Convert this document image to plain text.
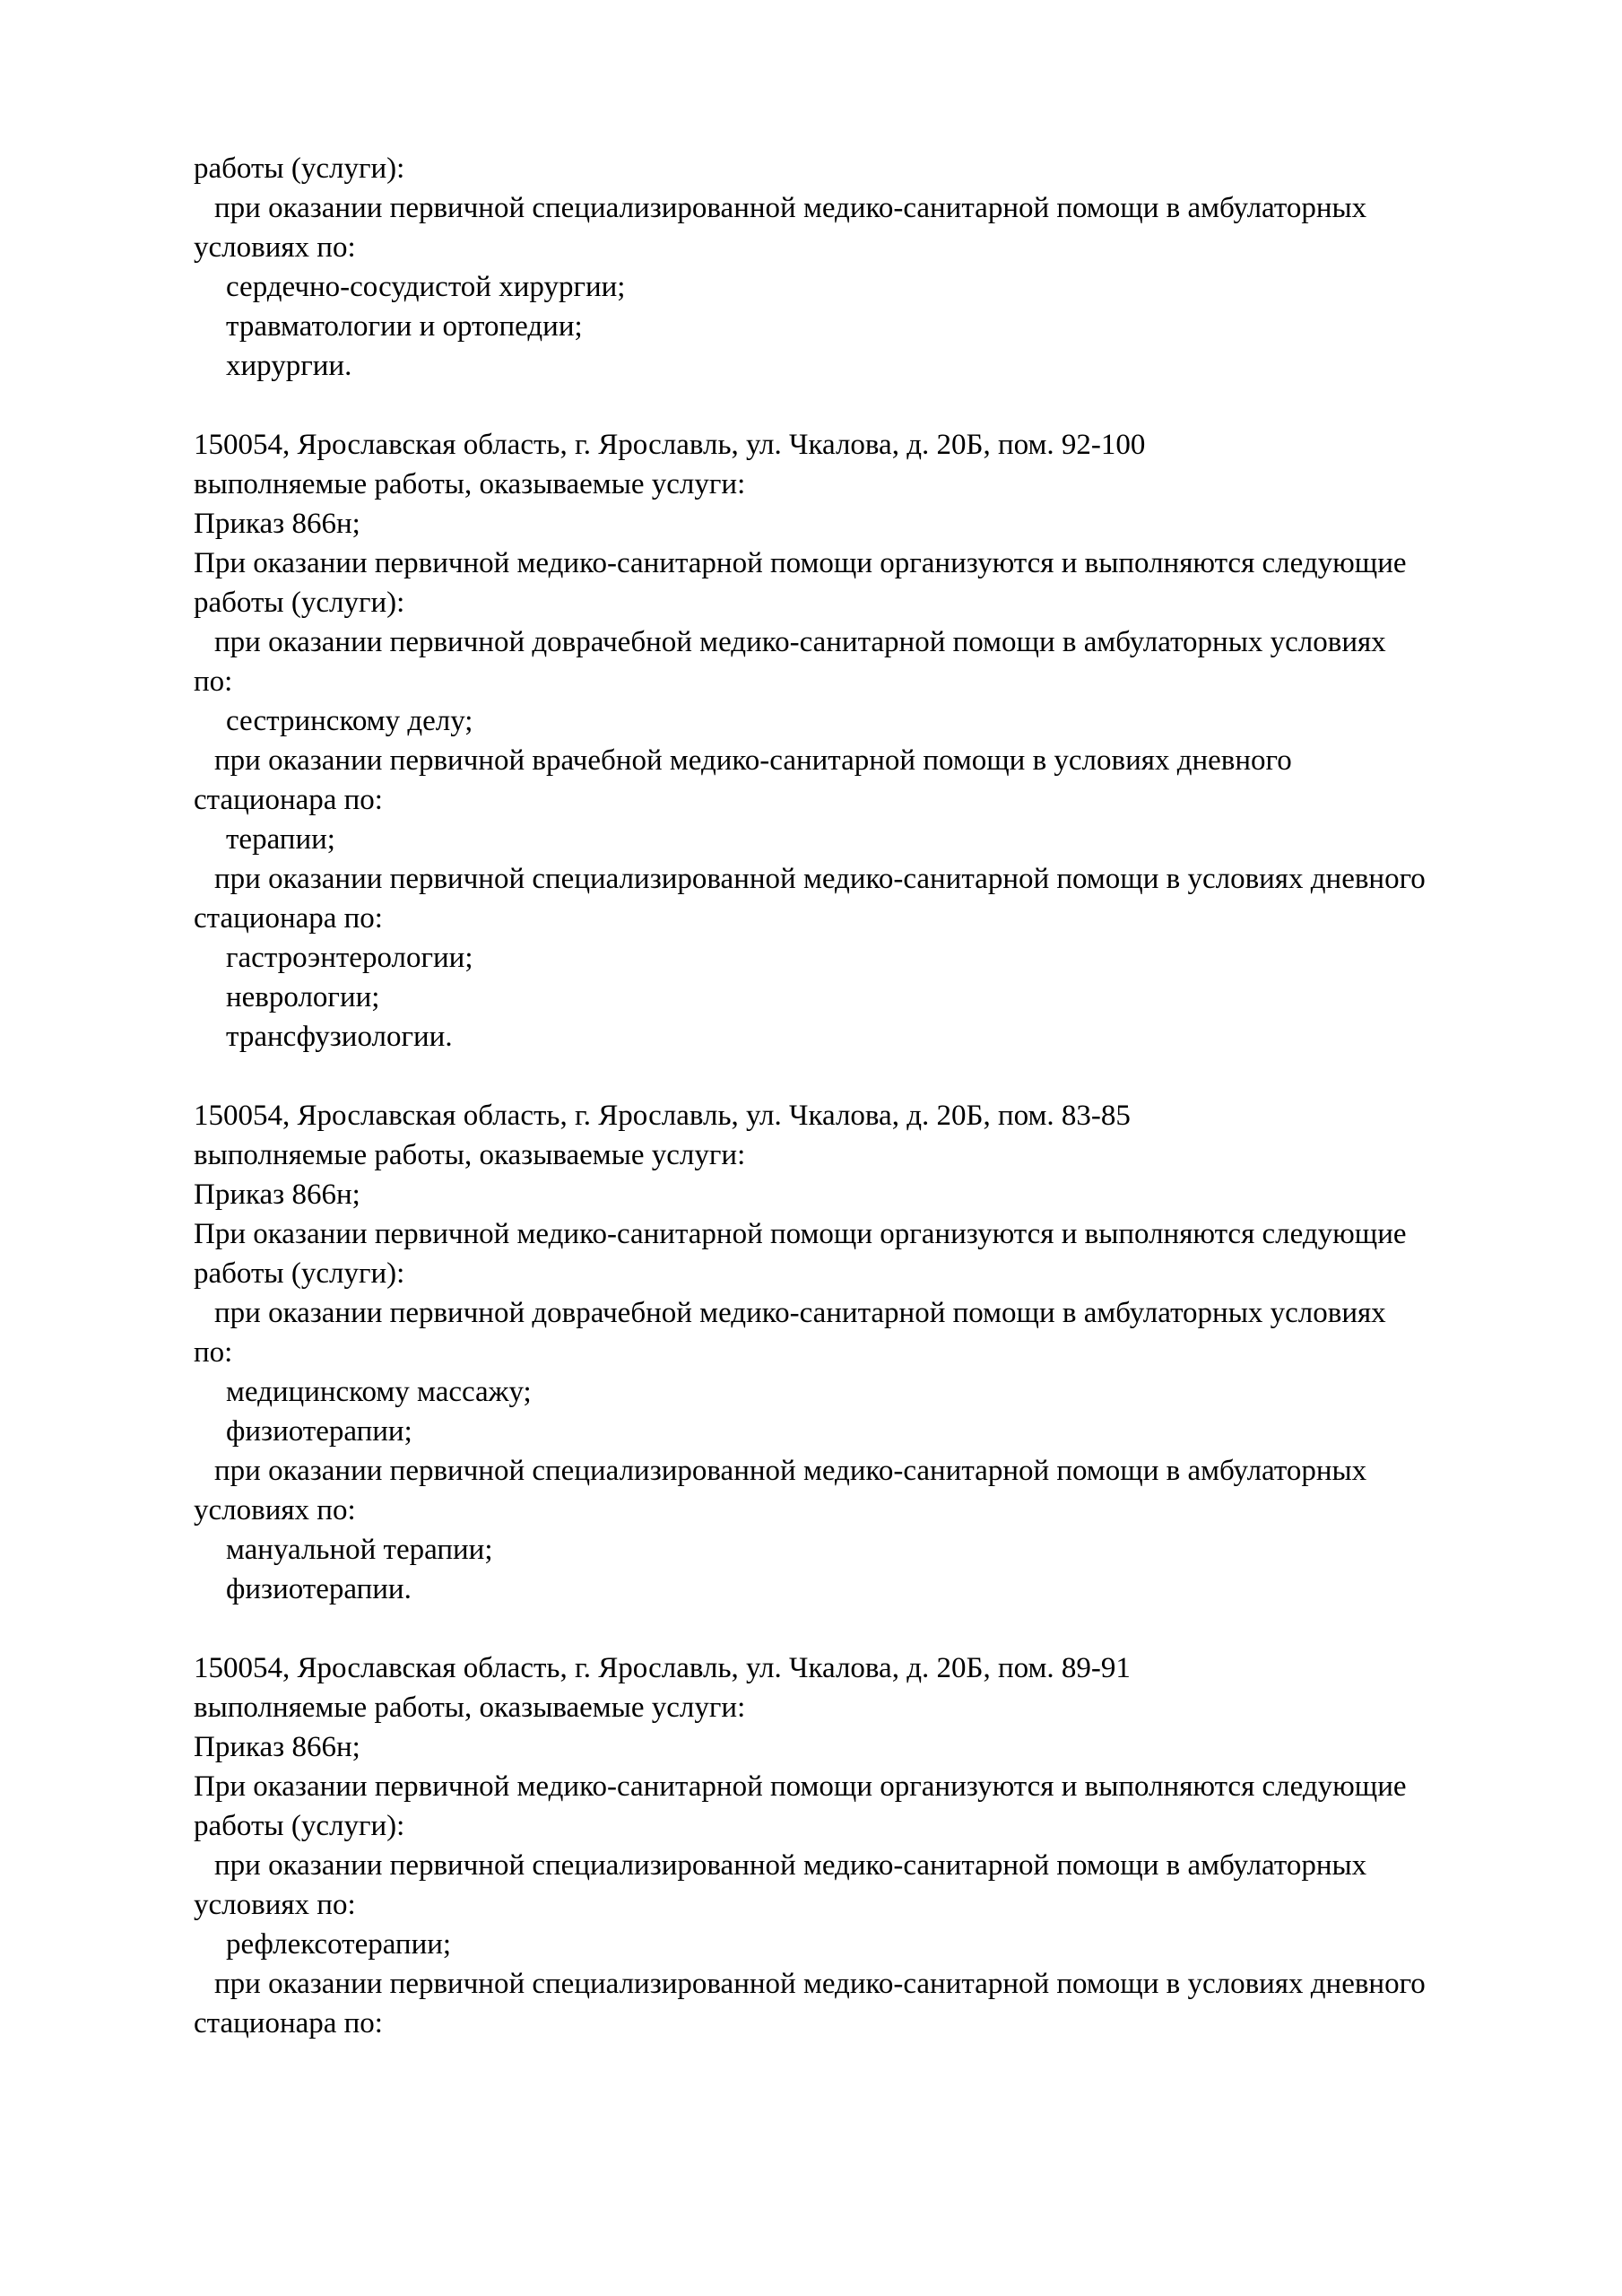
работы (услуги):
при оказании первичной специализированной медико-санитарной помощи в амбулаторных
условиях по:
сердечно-сосудистой хирургии;
травматологии и ортопедии;
хирургии.
150054, Ярославская область, г. Ярославль, ул. Чкалова, д. 20Б, пом. 92-100
выполняемые работы, оказываемые услуги:
Приказ 866н;
При оказании первичной медико-санитарной помощи организуются и выполняются следующие
работы (услуги):
при оказании первичной доврачебной медико-санитарной помощи в амбулаторных условиях
по:
сестринскому делу;
при оказании первичной врачебной медико-санитарной помощи в условиях дневного
стационара по:
терапии;
при оказании первичной специализированной медико-санитарной помощи в условиях дневного
стационара по:
гастроэнтерологии;
неврологии;
трансфузиологии.
150054, Ярославская область, г. Ярославль, ул. Чкалова, д. 20Б, пом. 83-85
выполняемые работы, оказываемые услуги:
Приказ 866н;
При оказании первичной медико-санитарной помощи организуются и выполняются следующие
работы (услуги):
при оказании первичной доврачебной медико-санитарной помощи в амбулаторных условиях
по:
медицинскому массажу;
физиотерапии;
при оказании первичной специализированной медико-санитарной помощи в амбулаторных
условиях по:
мануальной терапии;
физиотерапии.
150054, Ярославская область, г. Ярославль, ул. Чкалова, д. 20Б, пом. 89-91
выполняемые работы, оказываемые услуги:
Приказ 866н;
При оказании первичной медико-санитарной помощи организуются и выполняются следующие
работы (услуги):
при оказании первичной специализированной медико-санитарной помощи в амбулаторных
условиях по:
рефлексотерапии;
при оказании первичной специализированной медико-санитарной помощи в условиях дневного
стационара по:
